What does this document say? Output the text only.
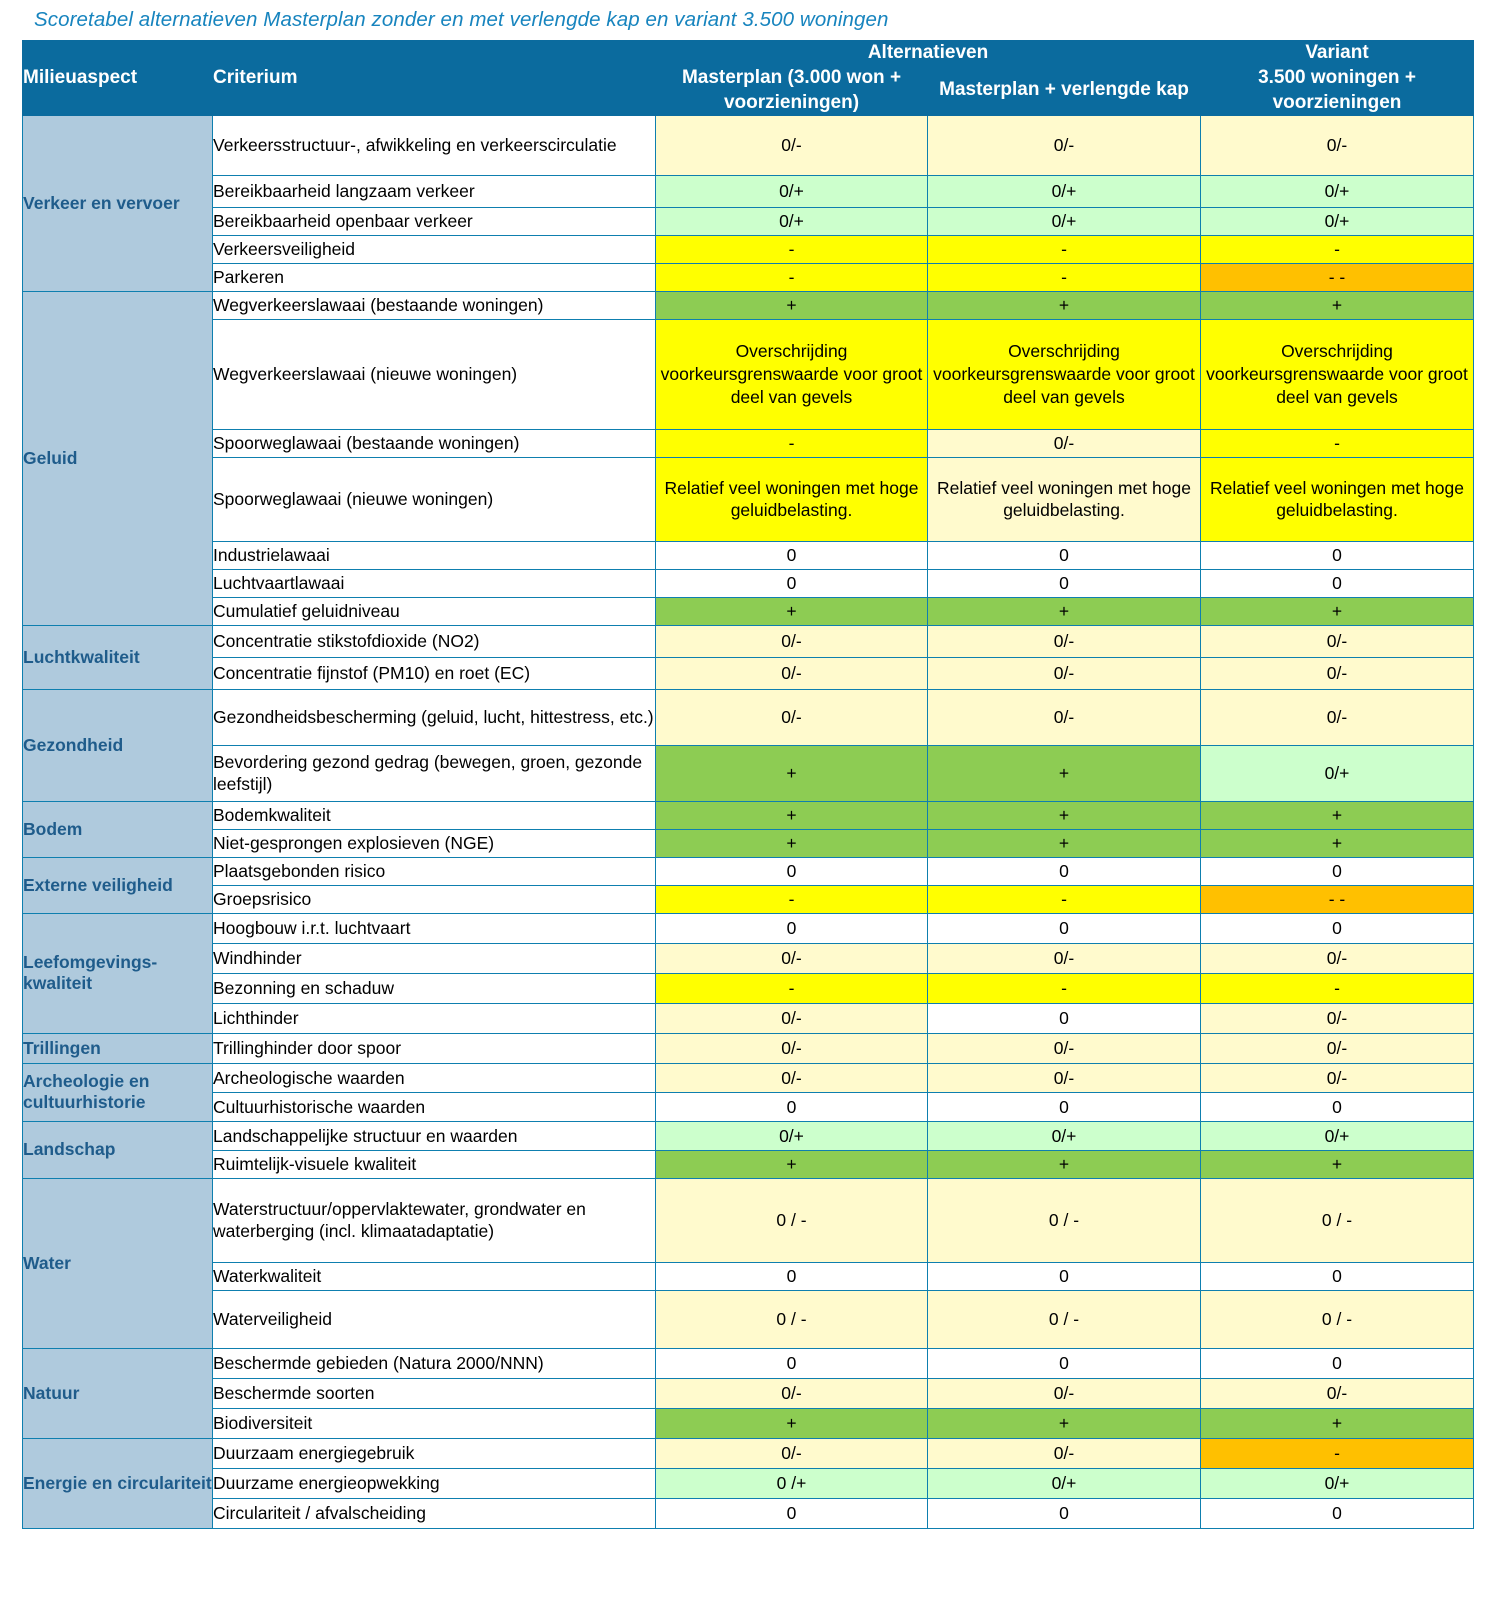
Scoretabel alternatieven Masterplan zonder en met verlengde kap en variant 3.500 woningen
Milieuaspect	Criterium	Alternatieven		Variant
		Masterplan (3.000 won + voorzieningen)	Masterplan + verlengde kap	3.500 woningen + voorzieningen
Verkeer en vervoer	Verkeersstructuur-, afwikkeling en verkeerscirculatie	0/-	0/-	0/-
	Bereikbaarheid langzaam verkeer	0/+	0/+	0/+
	Bereikbaarheid openbaar verkeer	0/+	0/+	0/+
	Verkeersveiligheid	-	-	-
	Parkeren	-	-	- -
Geluid	Wegverkeerslawaai (bestaande woningen)	+	+	+
	Wegverkeerslawaai (nieuwe woningen)	Overschrijding voorkeursgrenswaarde voor groot deel van gevels	Overschrijding voorkeursgrenswaarde voor groot deel van gevels	Overschrijding voorkeursgrenswaarde voor groot deel van gevels
	Spoorweglawaai (bestaande woningen)	-	0/-	-
	Spoorweglawaai (nieuwe woningen)	Relatief veel woningen met hoge geluidbelasting.	Relatief veel woningen met hoge geluidbelasting.	Relatief veel woningen met hoge geluidbelasting.
	Industrielawaai	0	0	0
	Luchtvaartlawaai	0	0	0
	Cumulatief geluidniveau	+	+	+
Luchtkwaliteit	Concentratie stikstofdioxide (NO2)	0/-	0/-	0/-
	Concentratie fijnstof (PM10) en roet (EC)	0/-	0/-	0/-
Gezondheid	Gezondheidsbescherming (geluid, lucht, hittestress, etc.)	0/-	0/-	0/-
	Bevordering gezond gedrag (bewegen, groen, gezonde leefstijl)	+	+	0/+
Bodem	Bodemkwaliteit	+	+	+
	Niet-gesprongen explosieven (NGE)	+	+	+
Externe veiligheid	Plaatsgebonden risico	0	0	0
	Groepsrisico	-	-	- -
Leefomgevings-kwaliteit	Hoogbouw i.r.t. luchtvaart	0	0	0
	Windhinder	0/-	0/-	0/-
	Bezonning en schaduw	-	-	-
	Lichthinder	0/-	0	0/-
Trillingen	Trillinghinder door spoor	0/-	0/-	0/-
Archeologie en cultuurhistorie	Archeologische waarden	0/-	0/-	0/-
	Cultuurhistorische waarden	0	0	0
Landschap	Landschappelijke structuur en waarden	0/+	0/+	0/+
	Ruimtelijk-visuele kwaliteit	+	+	+
Water	Waterstructuur/oppervlaktewater, grondwater en waterberging (incl. klimaatadaptatie)	0 / -	0 / -	0 / -
	Waterkwaliteit	0	0	0
	Waterveiligheid	0 / -	0 / -	0 / -
Natuur	Beschermde gebieden (Natura 2000/NNN)	0	0	0
	Beschermde soorten	0/-	0/-	0/-
	Biodiversiteit	+	+	+
Energie en circulariteit	Duurzaam energiegebruik	0/-	0/-	-
	Duurzame energieopwekking	0 /+	0/+	0/+
	Circulariteit / afvalscheiding	0	0	0
